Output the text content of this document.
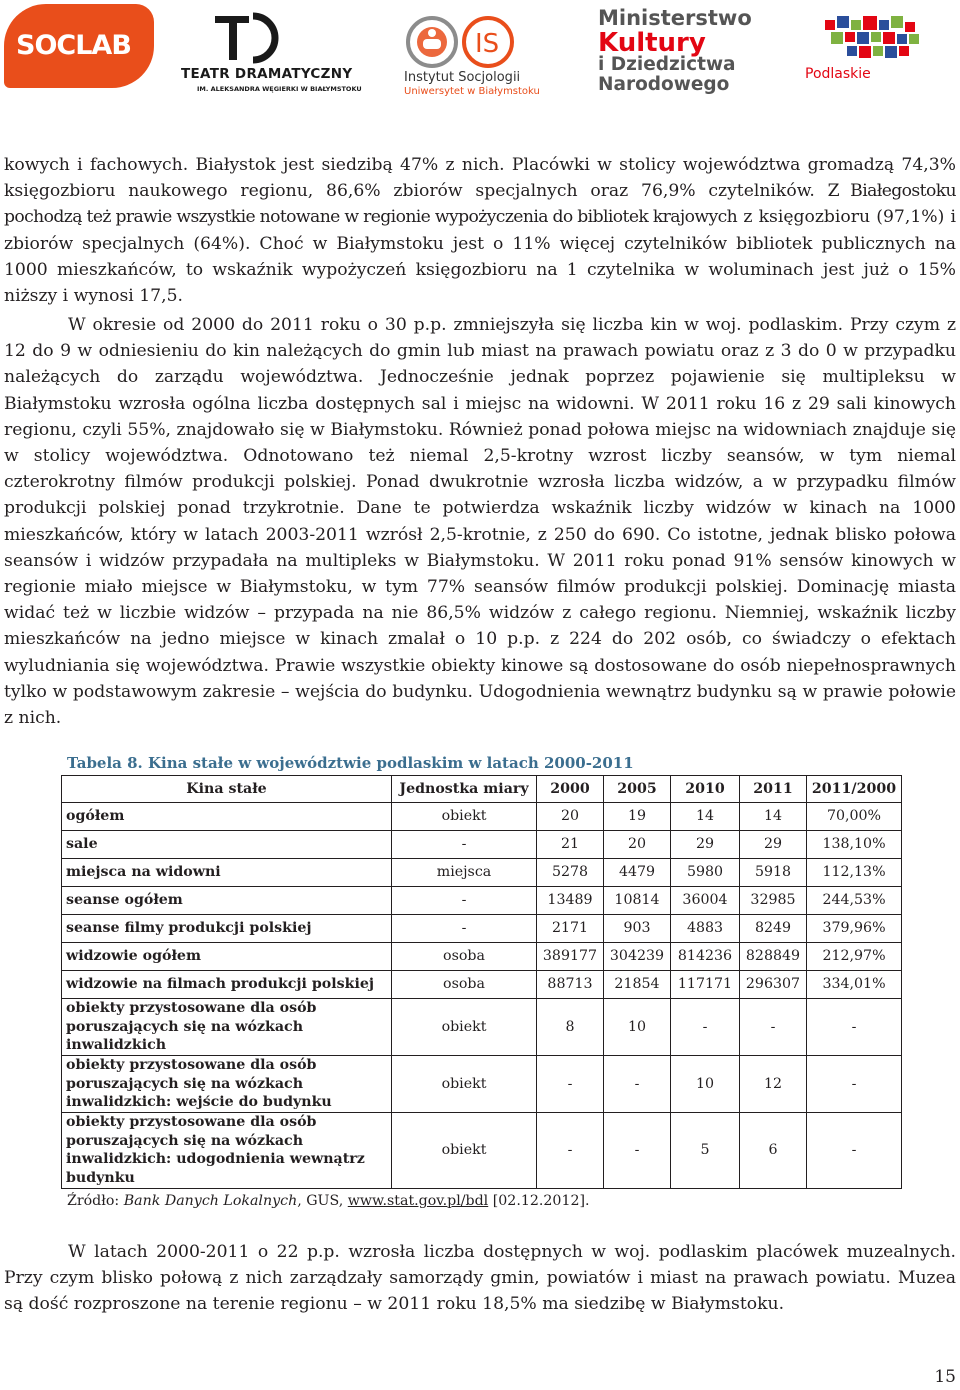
SOCLAB
TEATR DRAMATYCZNY
IM. ALEKSANDRA WĘGIERKI W BIAŁYMSTOKU
IS
Instytut Socjologii
Uniwersytet w Białymstoku
Ministerstwo
Kultury
i Dziedzictwa
Narodowego	Podlaskie

kowych i fachowych. Białystok jest siedzibą 47% z nich. Placówki w stolicy województwa gromadzą 74,3% księgozbioru naukowego regionu, 86,6% zbiorów specjalnych oraz 76,9% czytelników. Z Białegostoku pochodzą też prawie wszystkie notowane w regionie wypożyczenia do bibliotek krajowych z księgozbioru (97,1%) i zbiorów specjalnych (64%). Choć w Białymstoku jest o 11% więcej czytelników bibliotek publicznych na 1000 mieszkańców, to wskaźnik wypożyczeń księgozbioru na 1 czytelnika w woluminach jest już o 15% niższy i wynosi 17,5.

W okresie od 2000 do 2011 roku o 30 p.p. zmniejszyła się liczba kin w woj. podlaskim. Przy czym z 12 do 9 w odniesieniu do kin należących do gmin lub miast na prawach powiatu oraz z 3 do 0 w przypadku należących do zarządu województwa. Jednocześnie jednak poprzez pojawienie się multipleksu w Białymstoku wzrosła ogólna liczba dostępnych sal i miejsc na widowni. W 2011 roku 16 z 29 sali kinowych regionu, czyli 55%, znajdowało się w Białymstoku. Również ponad połowa miejsc na widowniach znajduje się w stolicy województwa. Odnotowano też niemal 2,5-krotny wzrost liczby seansów, w tym niemal czterokrotny filmów produkcji polskiej. Ponad dwukrotnie wzrosła liczba widzów, a w przypadku filmów produkcji polskiej ponad trzykrotnie. Dane te potwierdza wskaźnik liczby widzów w kinach na 1000 mieszkańców, który w latach 2003-2011 wzrósł 2,5-krotnie, z 250 do 690. Co istotne, jednak blisko połowa seansów i widzów przypadała na multipleks w Białymstoku. W 2011 roku ponad 91% sensów kinowych w regionie miało miejsce w Białymstoku, w tym 77% seansów filmów produkcji polskiej. Dominację miasta widać też w liczbie widzów – przypada na nie 86,5% widzów z całego regionu. Niemniej, wskaźnik liczby mieszkańców na jedno miejsce w kinach zmalał o 10 p.p. z 224 do 202 osób, co świadczy o efektach wyludniania się województwa. Prawie wszystkie obiekty kinowe są dostosowane do osób niepełnosprawnych tylko w podstawowym zakresie – wejścia do budynku. Udogodnienia wewnątrz budynku są w prawie połowie z nich.

Tabela 8. Kina stałe w województwie podlaskim w latach 2000-2011
Kina stałe	Jednostka miary	2000	2005	2010	2011	2011/2000
ogółem	obiekt	20	19	14	14	70,00%
sale	-	21	20	29	29	138,10%
miejsca na widowni	miejsca	5278	4479	5980	5918	112,13%
seanse ogółem	-	13489	10814	36004	32985	244,53%
seanse filmy produkcji polskiej	-	2171	903	4883	8249	379,96%
widzowie ogółem	osoba	389177	304239	814236	828849	212,97%
widzowie na filmach produkcji polskiej	osoba	88713	21854	117171	296307	334,01%
obiekty przystosowane dla osób poruszających się na wózkach inwalidzkich	obiekt	8	10	-	-	-
obiekty przystosowane dla osób poruszających się na wózkach inwalidzkich: wejście do budynku	obiekt	-	-	10	12	-
obiekty przystosowane dla osób poruszających się na wózkach inwalidzkich: udogodnienia wewnątrz budynku	obiekt	-	-	5	6	-
Źródło: Bank Danych Lokalnych, GUS, www.stat.gov.pl/bdl [02.12.2012].

W latach 2000-2011 o 22 p.p. wzrosła liczba dostępnych w woj. podlaskim placówek muzealnych. Przy czym blisko połową z nich zarządzały samorządy gmin, powiatów i miast na prawach powiatu. Muzea są dość rozproszone na terenie regionu – w 2011 roku 18,5% ma siedzibę w Białymstoku.

15
